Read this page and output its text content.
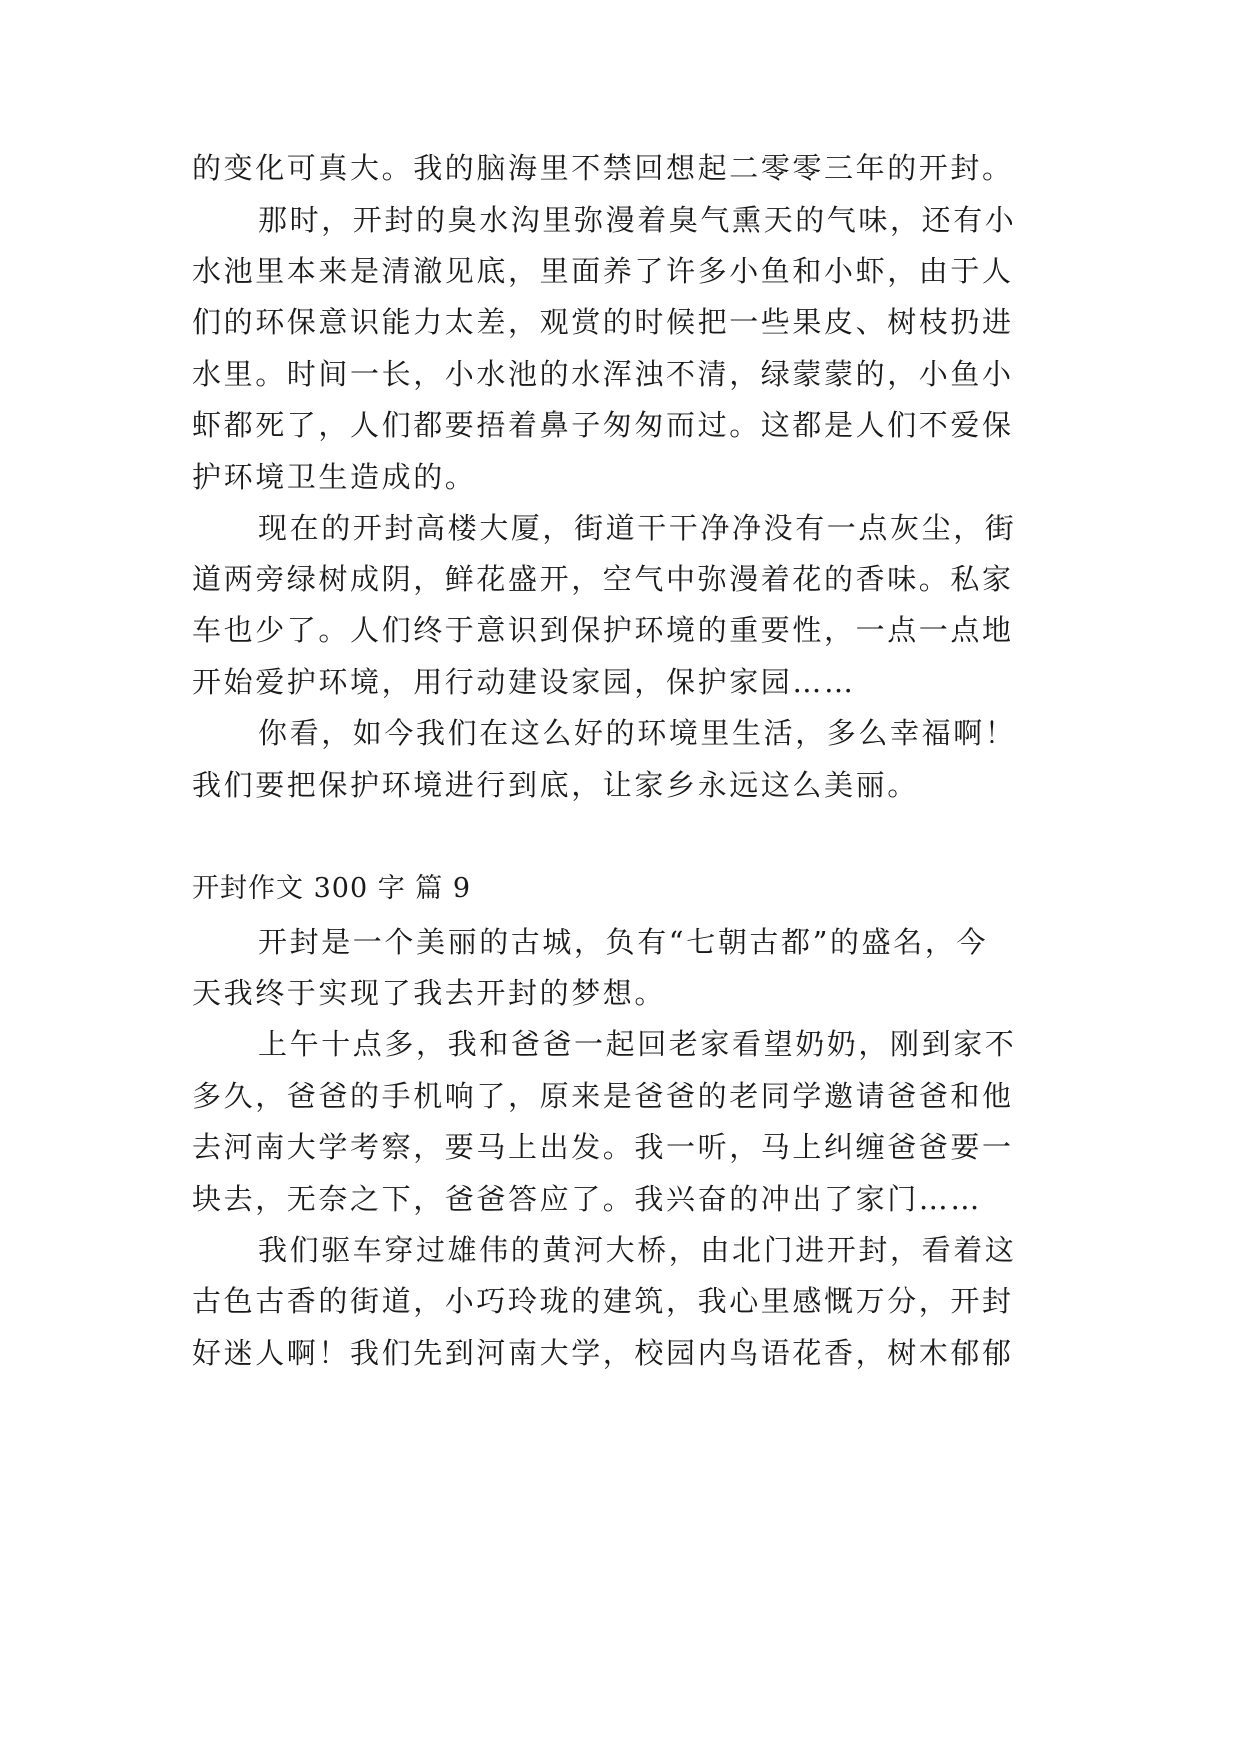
的变化可真大。我的脑海里不禁回想起二零零三年的开封。
那时，开封的臭水沟里弥漫着臭气熏天的气味，还有小
水池里本来是清澈见底，里面养了许多小鱼和小虾，由于人
们的环保意识能力太差，观赏的时候把一些果皮、树枝扔进
水里。时间一长，小水池的水浑浊不清，绿蒙蒙的，小鱼小
虾都死了，人们都要捂着鼻子匆匆而过。这都是人们不爱保
护环境卫生造成的。
现在的开封高楼大厦，街道干干净净没有一点灰尘，街
道两旁绿树成阴，鲜花盛开，空气中弥漫着花的香味。私家
车也少了。人们终于意识到保护环境的重要性，一点一点地
开始爱护环境，用行动建设家园，保护家园……
你看，如今我们在这么好的环境里生活，多么幸福啊！
我们要把保护环境进行到底，让家乡永远这么美丽。
开封作文 300 字 篇 9
开封是一个美丽的古城，负有“七朝古都”的盛名，今
天我终于实现了我去开封的梦想。
上午十点多，我和爸爸一起回老家看望奶奶，刚到家不
多久，爸爸的手机响了，原来是爸爸的老同学邀请爸爸和他
去河南大学考察，要马上出发。我一听，马上纠缠爸爸要一
块去，无奈之下，爸爸答应了。我兴奋的冲出了家门……
我们驱车穿过雄伟的黄河大桥，由北门进开封，看着这
古色古香的街道，小巧玲珑的建筑，我心里感慨万分，开封
好迷人啊！我们先到河南大学，校园内鸟语花香，树木郁郁
